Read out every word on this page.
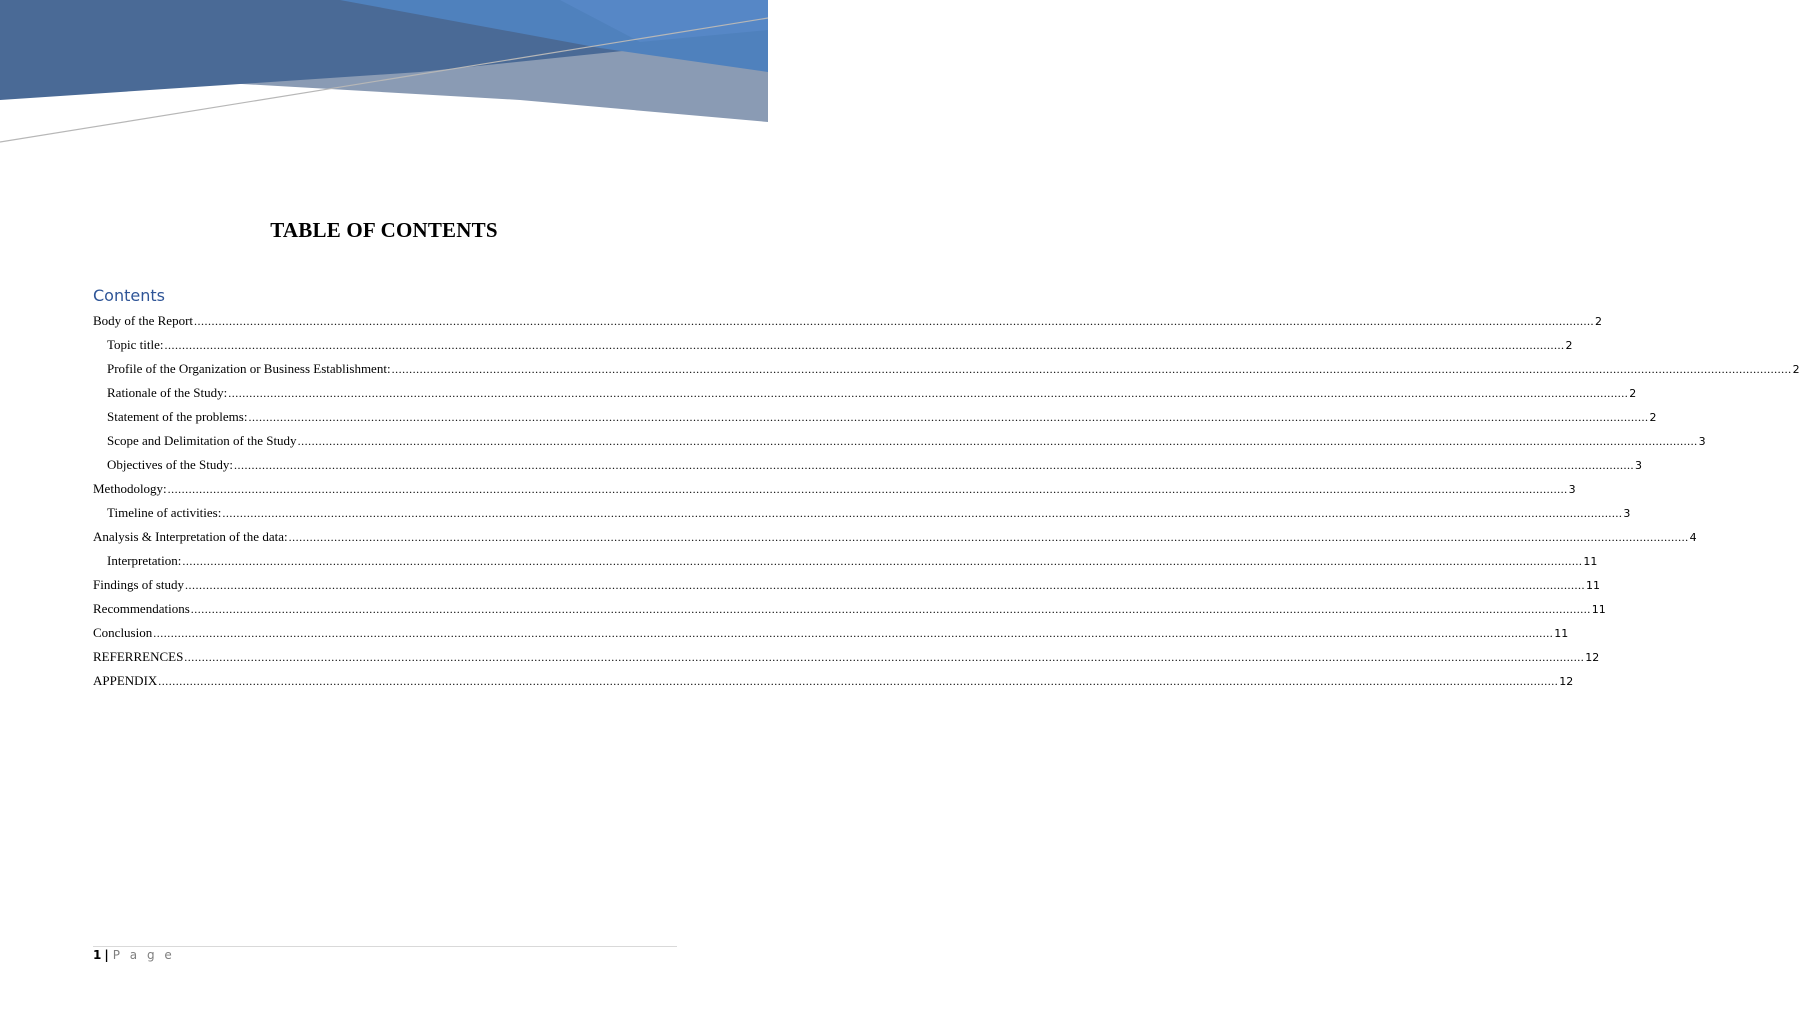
TABLE OF CONTENTS
Contents
Body of the Report ................................................................................................................................................................................................................................................................................................................................................................................................................ 2
Topic title: ................................................................................................................................................................................................................................................................................................................................................................................................................ 2
Profile of the Organization or Business Establishment: ................................................................................................................................................................................................................................................................................................................................................................................................................ 2
Rationale of the Study: ................................................................................................................................................................................................................................................................................................................................................................................................................ 2
Statement of the problems: ................................................................................................................................................................................................................................................................................................................................................................................................................ 2
Scope and Delimitation of the Study ................................................................................................................................................................................................................................................................................................................................................................................................................ 3
Objectives of the Study: ................................................................................................................................................................................................................................................................................................................................................................................................................ 3
Methodology: ................................................................................................................................................................................................................................................................................................................................................................................................................ 3
Timeline of activities: ................................................................................................................................................................................................................................................................................................................................................................................................................ 3
Analysis & Interpretation of the data: ................................................................................................................................................................................................................................................................................................................................................................................................................ 4
Interpretation: ................................................................................................................................................................................................................................................................................................................................................................................................................ 11
Findings of study ................................................................................................................................................................................................................................................................................................................................................................................................................ 11
Recommendations ................................................................................................................................................................................................................................................................................................................................................................................................................ 11
Conclusion ................................................................................................................................................................................................................................................................................................................................................................................................................ 11
REFERRENCES ................................................................................................................................................................................................................................................................................................................................................................................................................ 12
APPENDIX ................................................................................................................................................................................................................................................................................................................................................................................................................ 12
1 | P a g e
